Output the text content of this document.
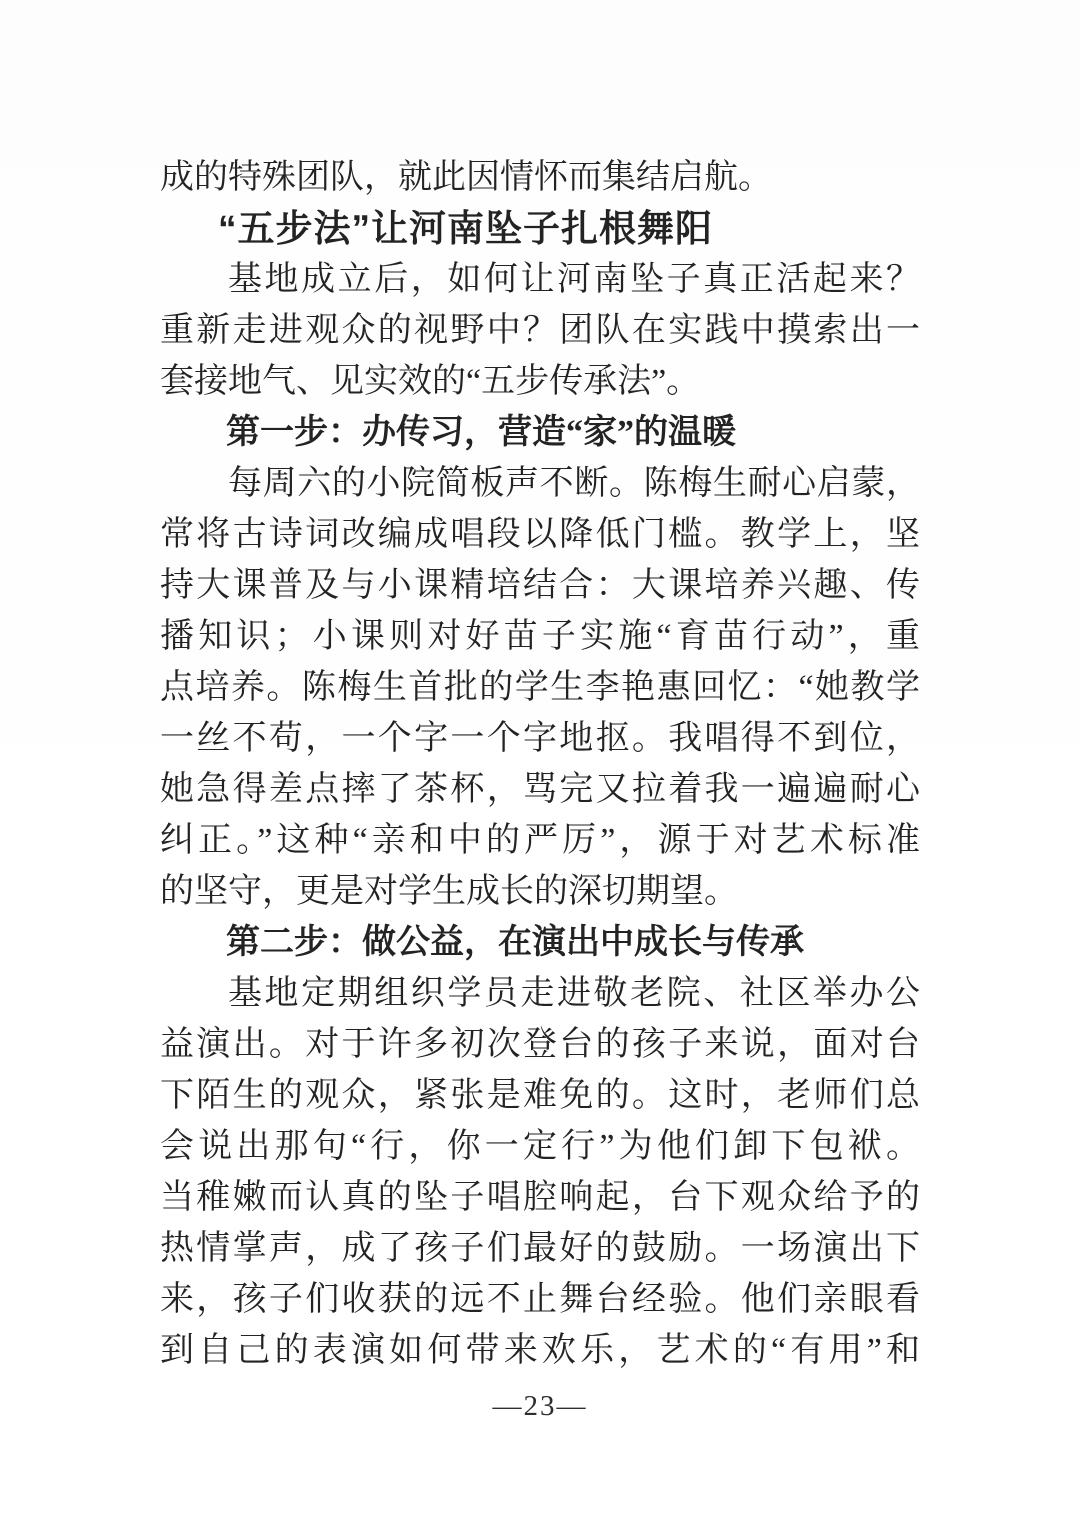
成的特殊团队，就此因情怀而集结启航。
“五步法”让河南坠子扎根舞阳
基地成立后，如何让河南坠子真正活起来？
重新走进观众的视野中？团队在实践中摸索出一
套接地气、见实效的“五步传承法”。
第一步：办传习，营造“家”的温暖
每周六的小院简板声不断。陈梅生耐心启蒙，
常将古诗词改编成唱段以降低门槛。教学上，坚
持大课普及与小课精培结合：大课培养兴趣、传
播知识；小课则对好苗子实施“育苗行动”，重
点培养。陈梅生首批的学生李艳惠回忆：“她教学
一丝不苟，一个字一个字地抠。我唱得不到位，
她急得差点摔了茶杯，骂完又拉着我一遍遍耐心
纠正。”这种“亲和中的严厉”，源于对艺术标准
的坚守，更是对学生成长的深切期望。
第二步：做公益，在演出中成长与传承
基地定期组织学员走进敬老院、社区举办公
益演出。对于许多初次登台的孩子来说，面对台
下陌生的观众，紧张是难免的。这时，老师们总
会说出那句“行，你一定行”为他们卸下包袱。
当稚嫩而认真的坠子唱腔响起，台下观众给予的
热情掌声，成了孩子们最好的鼓励。一场演出下
来，孩子们收获的远不止舞台经验。他们亲眼看
到自己的表演如何带来欢乐，艺术的“有用”和
—23—
